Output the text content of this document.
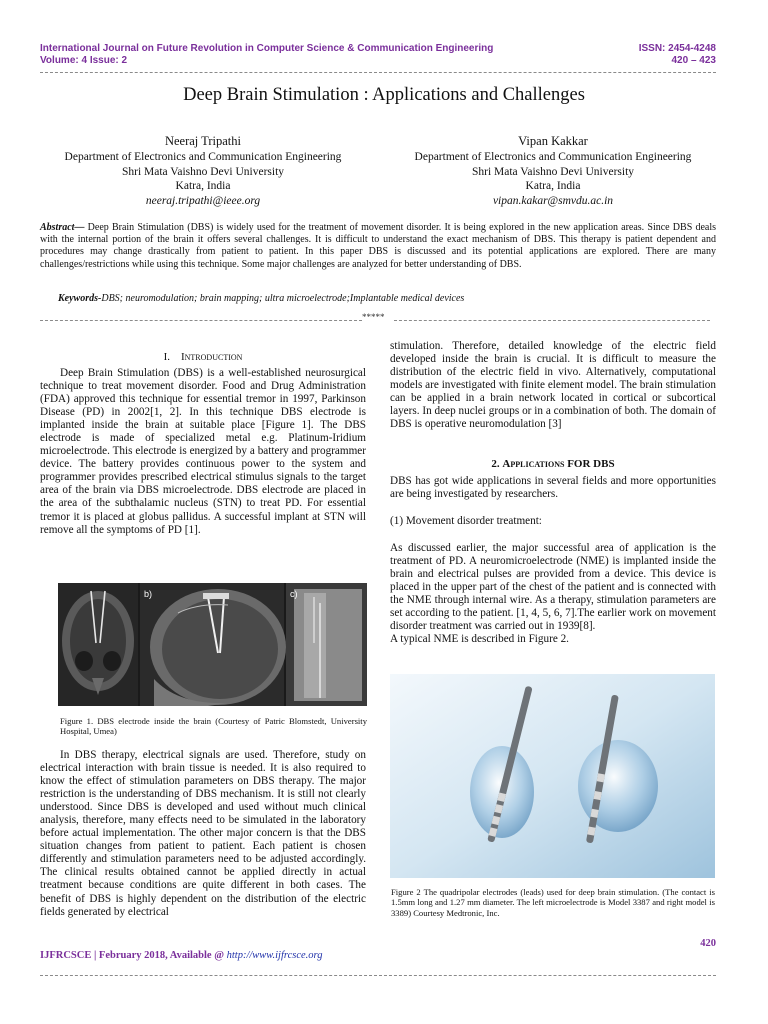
International Journal on Future Revolution in Computer Science & Communication Engineering
Volume: 4 Issue: 2
ISSN: 2454-4248
420 – 423
Deep Brain Stimulation : Applications and Challenges
Neeraj Tripathi
Department of Electronics and Communication Engineering
Shri Mata Vaishno Devi University
Katra, India
neeraj.tripathi@ieee.org
Vipan Kakkar
Department of Electronics and Communication Engineering
Shri Mata Vaishno Devi University
Katra, India
vipan.kakar@smvdu.ac.in
Abstract— Deep Brain Stimulation (DBS) is widely used for the treatment of movement disorder. It is being explored in the new application areas. Since DBS deals with the internal portion of the brain it offers several challenges. It is difficult to understand the exact mechanism of DBS. This therapy is patient dependent and procedures may change drastically from patient to patient. In this paper DBS is discussed and its potential applications are explored. There are many challenges/restrictions while using this technique. Some major challenges are analyzed for better understanding of DBS.
Keywords-DBS; neuromodulation; brain mapping; ultra microelectrode;Implantable medical devices
*****
I. Introduction

Deep Brain Stimulation (DBS) is a well-established neurosurgical technique to treat movement disorder. Food and Drug Administration (FDA) approved this technique for essential tremor in 1997, Parkinson Disease (PD) in 2002[1, 2]. In this technique DBS electrode is implanted inside the brain at suitable place [Figure 1]. The DBS electrode is made of specialized metal e.g. Platinum-Iridium microelectrode. This electrode is energized by a battery and programmer device. The battery provides continuous power to the system and programmer provides prescribed electrical stimulus signals to the target area of the brain via DBS microelectrode. DBS electrode are placed in the area of the subthalamic nucleus (STN) to treat PD. For essential tremor it is placed at globus pallidus. A successful implant at STN will remove all the symptoms of PD [1].

b)	c)
Figure 1. DBS electrode inside the brain (Courtesy of Patric Blomstedt, University Hospital, Umea)

In DBS therapy, electrical signals are used. Therefore, study on electrical interaction with brain tissue is needed. It is also required to know the effect of stimulation parameters on DBS therapy. The major restriction is the understanding of DBS mechanism. It is still not clearly understood. Since DBS is developed and used without much clinical analysis, therefore, many effects need to be simulated in the laboratory before actual implementation. The other major concern is that the DBS situation changes from patient to patient. Each patient is chosen differently and stimulation parameters need to be adjusted accordingly. The clinical results obtained cannot be applied directly in actual treatment because conditions are quite different in both cases. The benefit of DBS is highly dependent on the distribution of the electric fields generated by electrical

stimulation. Therefore, detailed knowledge of the electric field developed inside the brain is crucial. It is difficult to measure the distribution of the electric field in vivo. Alternatively, computational models are investigated with finite element model. The brain stimulation can be applied in a brain network located in cortical or subcortical layers. In deep nuclei groups or in a combination of both. The domain of DBS is operative neuromodulation [3]

2. Applications FOR DBS

DBS has got wide applications in several fields and more opportunities are being investigated by researchers.

(1) Movement disorder treatment:

As discussed earlier, the major successful area of application is the treatment of PD. A neuromicroelectrode (NME) is implanted inside the brain and electrical pulses are provided from a device. This device is placed in the upper part of the chest of the patient and is connected with the NME through internal wire. As a therapy, stimulation parameters are set according to the patient. [1, 4, 5, 6, 7].The earlier work on movement disorder treatment was carried out in 1939[8].

A typical NME is described in Figure 2.

Figure 2 The quadripolar electrodes (leads) used for deep brain stimulation. (The contact is 1.5mm long and 1.27 mm diameter. The left microelectrode is Model 3387 and right model is 3389) Courtesy Medtronic, Inc.
420
IJFRCSCE | February 2018, Available @ http://www.ijfrcsce.org
